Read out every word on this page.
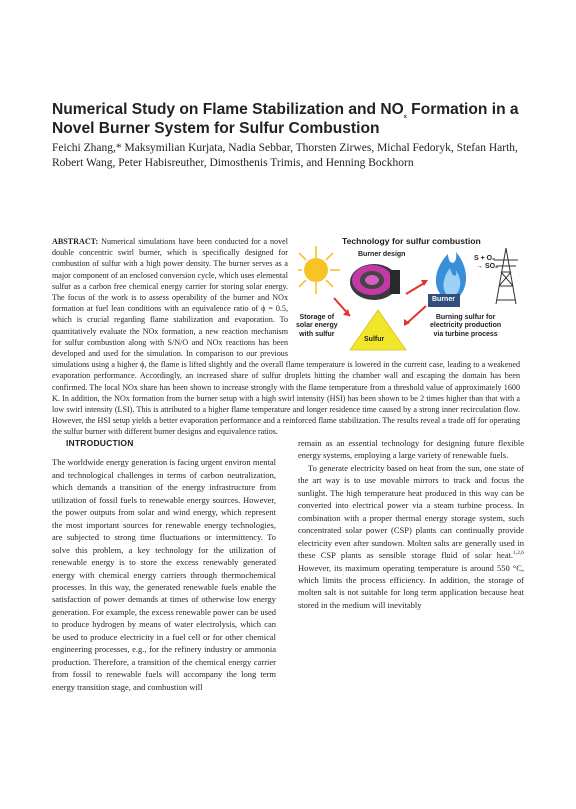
Numerical Study on Flame Stabilization and $NO_x$ Formation in a Novel Burner System for Sulfur Combustion

Feichi Zhang,* Maksymilian Kurjata, Nadia Sebbar, Thorsten Zirwes, Michal Fedoryk, Stefan Harth, Robert Wang, Peter Habisreuther, Dimosthenis Trimis, and Henning Bockhorn

Technology for sulfur combustion
Burner design
S + O₂
→ SO₂
Burner
Sulfur
Storage of
solar energy
with sulfur
Burning sulfur for
electricity production
via turbine process
ABSTRACT: Numerical simulations have been conducted for a novel double concentric swirl burner, which is specifically designed for combustion of sulfur with a high power density. The burner serves as a major component of an enclosed conversion cycle, which uses elemental sulfur as a carbon free chemical energy carrier for storing solar energy. The focus of the work is to assess operability of the burner and NOx formation at fuel lean conditions with an equivalence ratio of ϕ = 0.5, which is crucial regarding flame stabilization and evaporation. To quantitatively evaluate the NOx formation, a new reaction mechanism for sulfur combustion along with S/N/O and NOx reactions has been developed and used for the simulation. In comparison to our previous simulations using a higher ϕ, the flame is lifted slightly and the overall flame temperature is lowered in the current case, leading to a weakened evaporation performance. Accordingly, an increased share of sulfur droplets hitting the chamber wall and escaping the domain has been confirmed. The local NOx share has been shown to increase strongly with the flame temperature from a threshold value of approximately 1600 K. In addition, the NOx formation from the burner setup with a high swirl intensity (HSI) has been shown to be 2 times higher than that with a low swirl intensity (LSI). This is attributed to a higher flame temperature and longer residence time caused by a strong inner recirculation flow. However, the HSI setup yields a better evaporation performance and a reinforced flame stabilization. The results reveal a trade off for operating the sulfur burner with different burner designs and equivalence ratios.
INTRODUCTION

The worldwide energy generation is facing urgent environ mental and technological challenges in terms of carbon neutralization, which demands a transition of the energy infrastructure from utilization of fossil fuels to renewable energy sources. However, the power outputs from solar and wind energy, which represent the most important sources for renewable energy technologies, are subjected to strong time fluctuations or intermittency. To solve this problem, a key technology for the utilization of renewable energy is to store the excess renewably generated energy with chemical energy carriers through thermochemical processes. In this way, the generated renewable fuels enable the satisfaction of power demands at times of otherwise low energy generation. For example, the excess renewable power can be used to produce hydrogen by means of water electrolysis, which can be used to produce electricity in a fuel cell or for other chemical engineering processes, e.g., for the refinery industry or ammonia production. Therefore, a transition of the chemical energy carrier from fossil to renewable fuels will accompany the long term energy transition stage, and combustion will

remain as an essential technology for designing future flexible energy systems, employing a large variety of renewable fuels.

To generate electricity based on heat from the sun, one state of the art way is to use movable mirrors to track and focus the sunlight. The high temperature heat produced in this way can be converted into electrical power via a steam turbine process. In combination with a proper thermal energy storage system, such concentrated solar power (CSP) plants can continually provide electricity even after sundown. Molten salts are generally used in these CSP plants as sensible storage fluid of solar heat.$^{1,2,6}$ However, its maximum operating temperature is around 550 °C, which limits the process efficiency. In addition, the storage of molten salt is not suitable for long term application because heat stored in the medium will inevitably
